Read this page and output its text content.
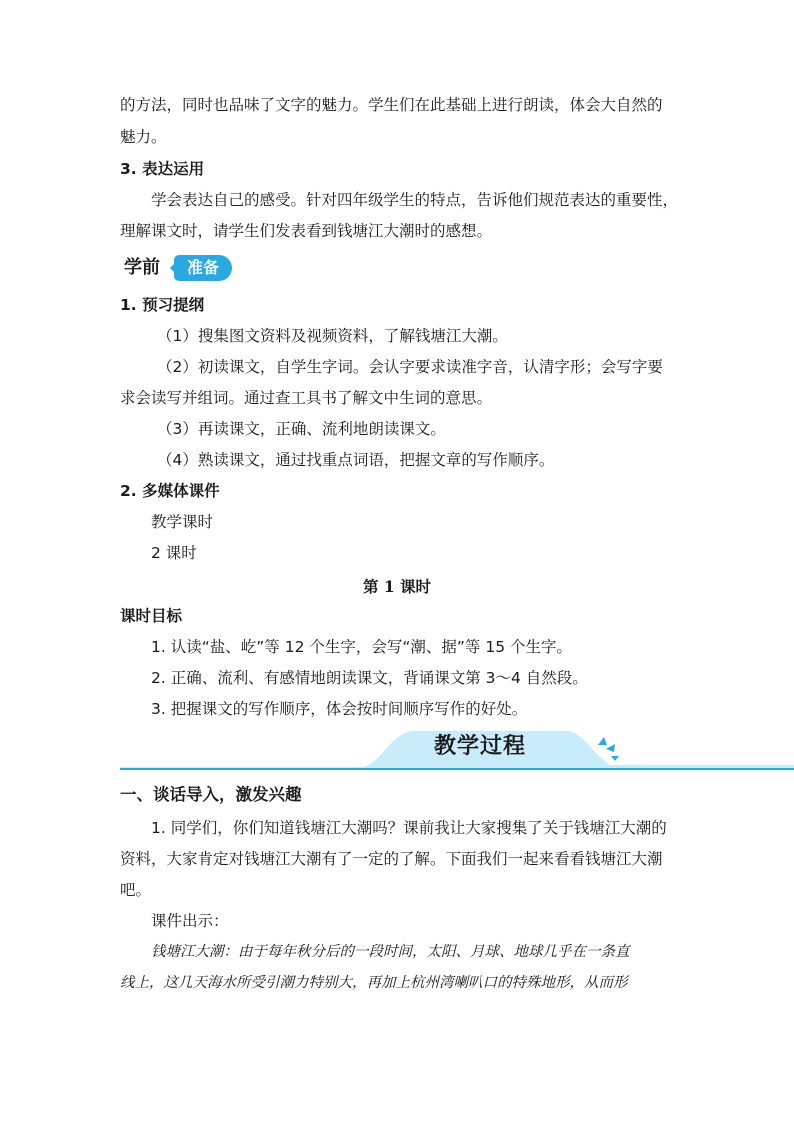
的方法，同时也品味了文字的魅力。学生们在此基础上进行朗读，体会大自然的
魅力。
3. 表达运用
学会表达自己的感受。针对四年级学生的特点，告诉他们规范表达的重要性，
理解课文时，请学生们发表看到钱塘江大潮时的感想。
学前	准备
1. 预习提纲
（1）搜集图文资料及视频资料，了解钱塘江大潮。
（2）初读课文，自学生字词。会认字要求读准字音，认清字形；会写字要
求会读写并组词。通过查工具书了解文中生词的意思。
（3）再读课文，正确、流利地朗读课文。
（4）熟读课文，通过找重点词语，把握文章的写作顺序。
2. 多媒体课件
教学课时
2 课时
第 1 课时
课时目标
1. 认读“盐、屹”等 12 个生字，会写“潮、据”等 15 个生字。
2. 正确、流利、有感情地朗读课文，背诵课文第 3～4 自然段。
3. 把握课文的写作顺序，体会按时间顺序写作的好处。
教学过程
一、谈话导入，激发兴趣
1. 同学们，你们知道钱塘江大潮吗？课前我让大家搜集了关于钱塘江大潮的
资料，大家肯定对钱塘江大潮有了一定的了解。下面我们一起来看看钱塘江大潮
吧。
课件出示：
钱塘江大潮：由于每年秋分后的一段时间，太阳、月球、地球几乎在一条直
线上，这几天海水所受引潮力特别大，再加上杭州湾喇叭口的特殊地形，从而形
